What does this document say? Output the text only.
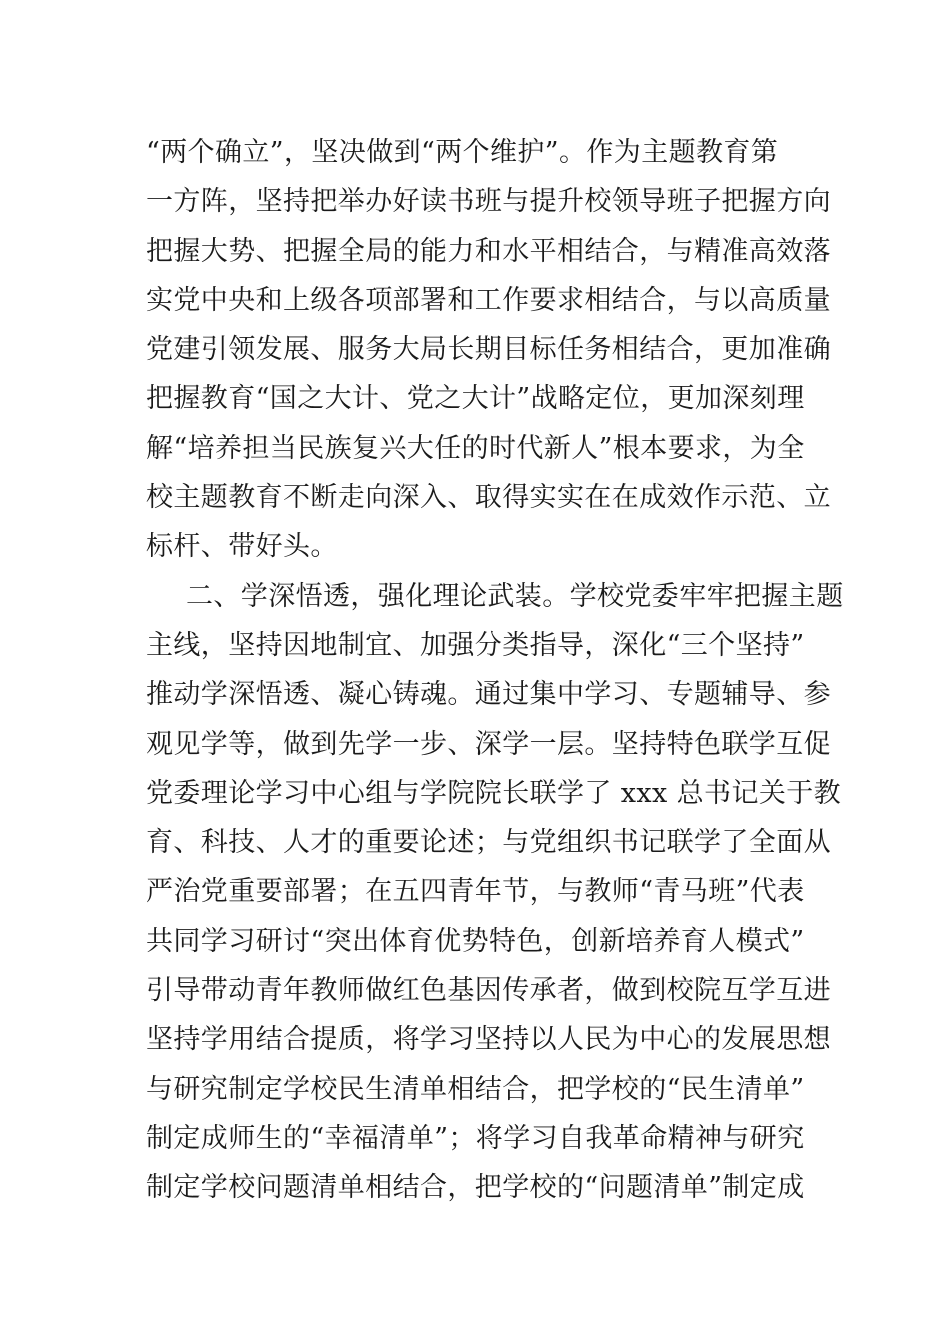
“两个确立”，坚决做到“两个维护”。作为主题教育第
一方阵，坚持把举办好读书班与提升校领导班子把握方向
把握大势、把握全局的能力和水平相结合，与精准高效落
实党中央和上级各项部署和工作要求相结合，与以高质量
党建引领发展、服务大局长期目标任务相结合，更加准确
把握教育“国之大计、党之大计”战略定位，更加深刻理
解“培养担当民族复兴大任的时代新人”根本要求，为全
校主题教育不断走向深入、取得实实在在成效作示范、立
标杆、带好头。
二、学深悟透，强化理论武装。学校党委牢牢把握主题
主线，坚持因地制宜、加强分类指导，深化“三个坚持”
推动学深悟透、凝心铸魂。通过集中学习、专题辅导、参
观见学等，做到先学一步、深学一层。坚持特色联学互促
党委理论学习中心组与学院院长联学了 xxx 总书记关于教
育、科技、人才的重要论述；与党组织书记联学了全面从
严治党重要部署；在五四青年节，与教师“青马班”代表
共同学习研讨“突出体育优势特色，创新培养育人模式”
引导带动青年教师做红色基因传承者，做到校院互学互进
坚持学用结合提质，将学习坚持以人民为中心的发展思想
与研究制定学校民生清单相结合，把学校的“民生清单”
制定成师生的“幸福清单”；将学习自我革命精神与研究
制定学校问题清单相结合，把学校的“问题清单”制定成
